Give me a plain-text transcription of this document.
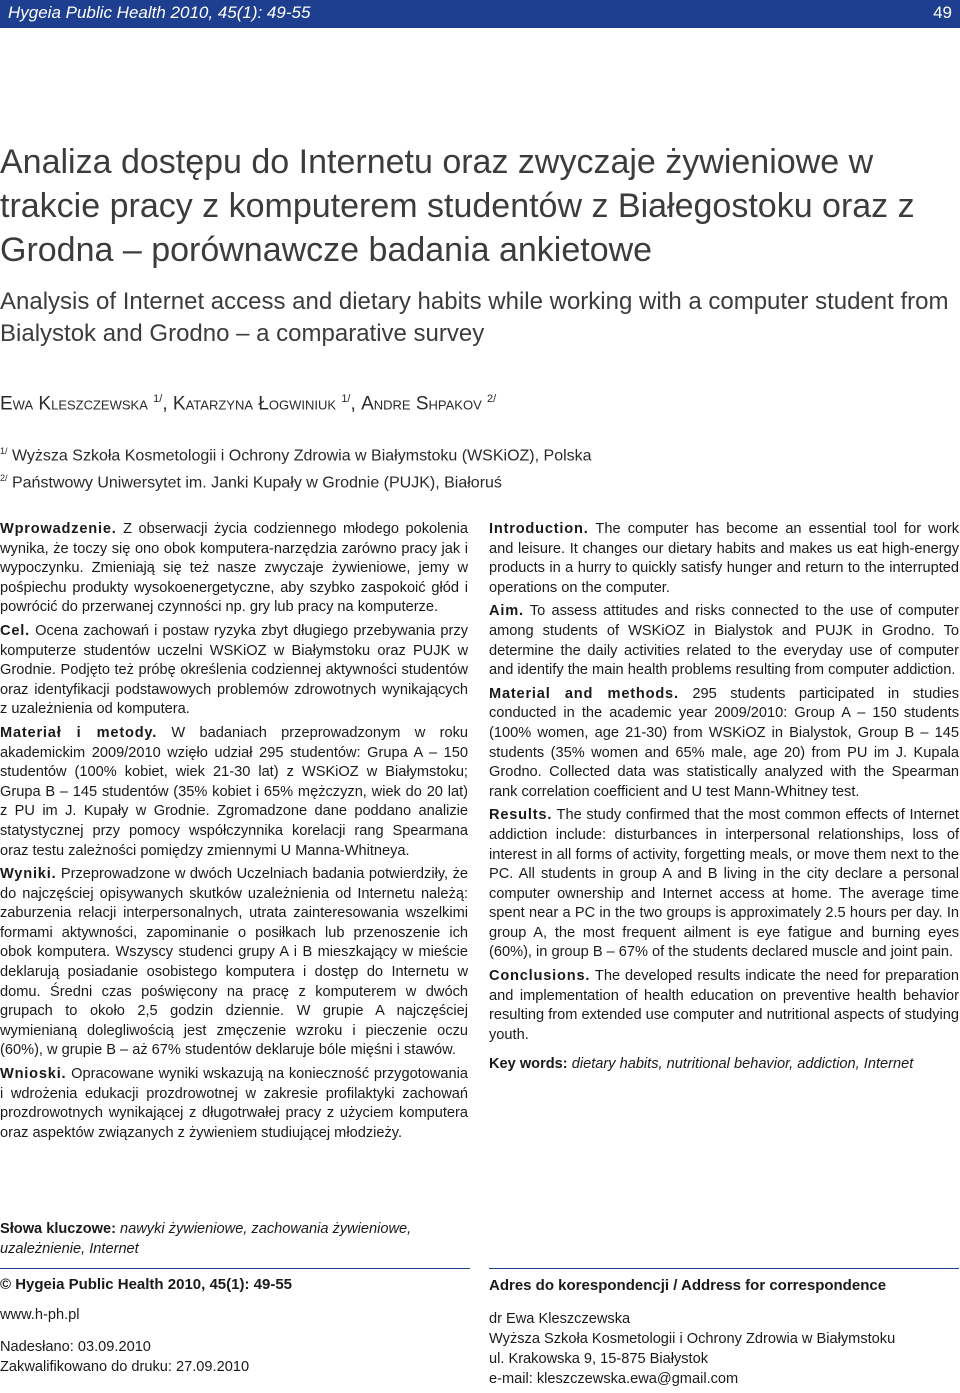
Hygeia Public Health 2010, 45(1): 49-55	49
Analiza dostępu do Internetu oraz zwyczaje żywieniowe w trakcie pracy z komputerem studentów z Białegostoku oraz z Grodna – porównawcze badania ankietowe
Analysis of Internet access and dietary habits while working with a computer student from Bialystok and Grodno – a comparative survey
Ewa Kleszczewska $^{1/}$, Katarzyna Łogwiniuk $^{1/}$, Andre Shpakov $^{2/}$
$^{1/}$ Wyższa Szkoła Kosmetologii i Ochrony Zdrowia w Białymstoku (WSKiOZ), Polska
$^{2/}$ Państwowy Uniwersytet im. Janki Kupały w Grodnie (PUJK), Białoruś

Wprowadzenie. Z obserwacji życia codziennego młodego pokolenia wynika, że toczy się ono obok komputera-narzędzia zarówno pracy jak i wypoczynku. Zmieniają się też nasze zwyczaje żywieniowe, jemy w pośpiechu produkty wysokoenergetyczne, aby szybko zaspokoić głód i powrócić do przerwanej czynności np. gry lub pracy na komputerze.

Cel. Ocena zachowań i postaw ryzyka zbyt długiego przebywania przy komputerze studentów uczelni WSKiOZ w Białymstoku oraz PUJK w Grodnie. Podjęto też próbę określenia codziennej aktywności studentów oraz identyfikacji podstawowych problemów zdrowotnych wynikających z uzależnienia od komputera.

Materiał i metody. W badaniach przeprowadzonym w roku akademickim 2009/2010 wzięło udział 295 studentów: Grupa A – 150 studentów (100% kobiet, wiek 21-30 lat) z WSKiOZ w Białymstoku; Grupa B – 145 studentów (35% kobiet i 65% mężczyzn, wiek do 20 lat) z PU im J. Kupały w Grodnie. Zgromadzone dane poddano analizie statystycznej przy pomocy współczynnika korelacji rang Spearmana oraz testu zależności pomiędzy zmiennymi U Manna-Whitneya.

Wyniki. Przeprowadzone w dwóch Uczelniach badania potwierdziły, że do najczęściej opisywanych skutków uzależnienia od Internetu należą: zaburzenia relacji interpersonalnych, utrata zainteresowania wszelkimi formami aktywności, zapominanie o posiłkach lub przenoszenie ich obok komputera. Wszyscy studenci grupy A i B mieszkający w mieście deklarują posiadanie osobistego komputera i dostęp do Internetu w domu. Średni czas poświęcony na pracę z komputerem w dwóch grupach to około 2,5 godzin dziennie. W grupie A najczęściej wymienianą dolegliwością jest zmęczenie wzroku i pieczenie oczu (60%), w grupie B – aż 67% studentów deklaruje bóle mięśni i stawów.

Wnioski. Opracowane wyniki wskazują na konieczność przygotowania i wdrożenia edukacji prozdrowotnej w zakresie profilaktyki zachowań prozdrowotnych wynikającej z długotrwałej pracy z użyciem komputera oraz aspektów związanych z żywieniem studiującej młodzieży.

Słowa kluczowe: nawyki żywieniowe, zachowania żywieniowe, uzależnienie, Internet

Introduction. The computer has become an essential tool for work and leisure. It changes our dietary habits and makes us eat high-energy products in a hurry to quickly satisfy hunger and return to the interrupted operations on the computer.

Aim. To assess attitudes and risks connected to the use of computer among students of WSKiOZ in Bialystok and PUJK in Grodno. To determine the daily activities related to the everyday use of computer and identify the main health problems resulting from computer addiction.

Material and methods. 295 students participated in studies conducted in the academic year 2009/2010: Group A – 150 students (100% women, age 21-30) from WSKiOZ in Bialystok, Group B – 145 students (35% women and 65% male, age 20) from PU im J. Kupala Grodno. Collected data was statistically analyzed with the Spearman rank correlation coefficient and U test Mann-Whitney test.

Results. The study confirmed that the most common effects of Internet addiction include: disturbances in interpersonal relationships, loss of interest in all forms of activity, forgetting meals, or move them next to the PC. All students in group A and B living in the city declare a personal computer ownership and Internet access at home. The average time spent near a PC in the two groups is approximately 2.5 hours per day. In group A, the most frequent ailment is eye fatigue and burning eyes (60%), in group B – 67% of the students declared muscle and joint pain.

Conclusions. The developed results indicate the need for preparation and implementation of health education on preventive health behavior resulting from extended use computer and nutritional aspects of studying youth.

Key words: dietary habits, nutritional behavior, addiction, Internet
© Hygeia Public Health 2010, 45(1): 49-55
www.h-ph.pl
Nadesłano: 03.09.2010
Zakwalifikowano do druku: 27.09.2010
Adres do korespondencji / Address for correspondence
dr Ewa Kleszczewska
Wyższa Szkoła Kosmetologii i Ochrony Zdrowia w Białymstoku
ul. Krakowska 9, 15-875 Białystok
e-mail: kleszczewska.ewa@gmail.com
